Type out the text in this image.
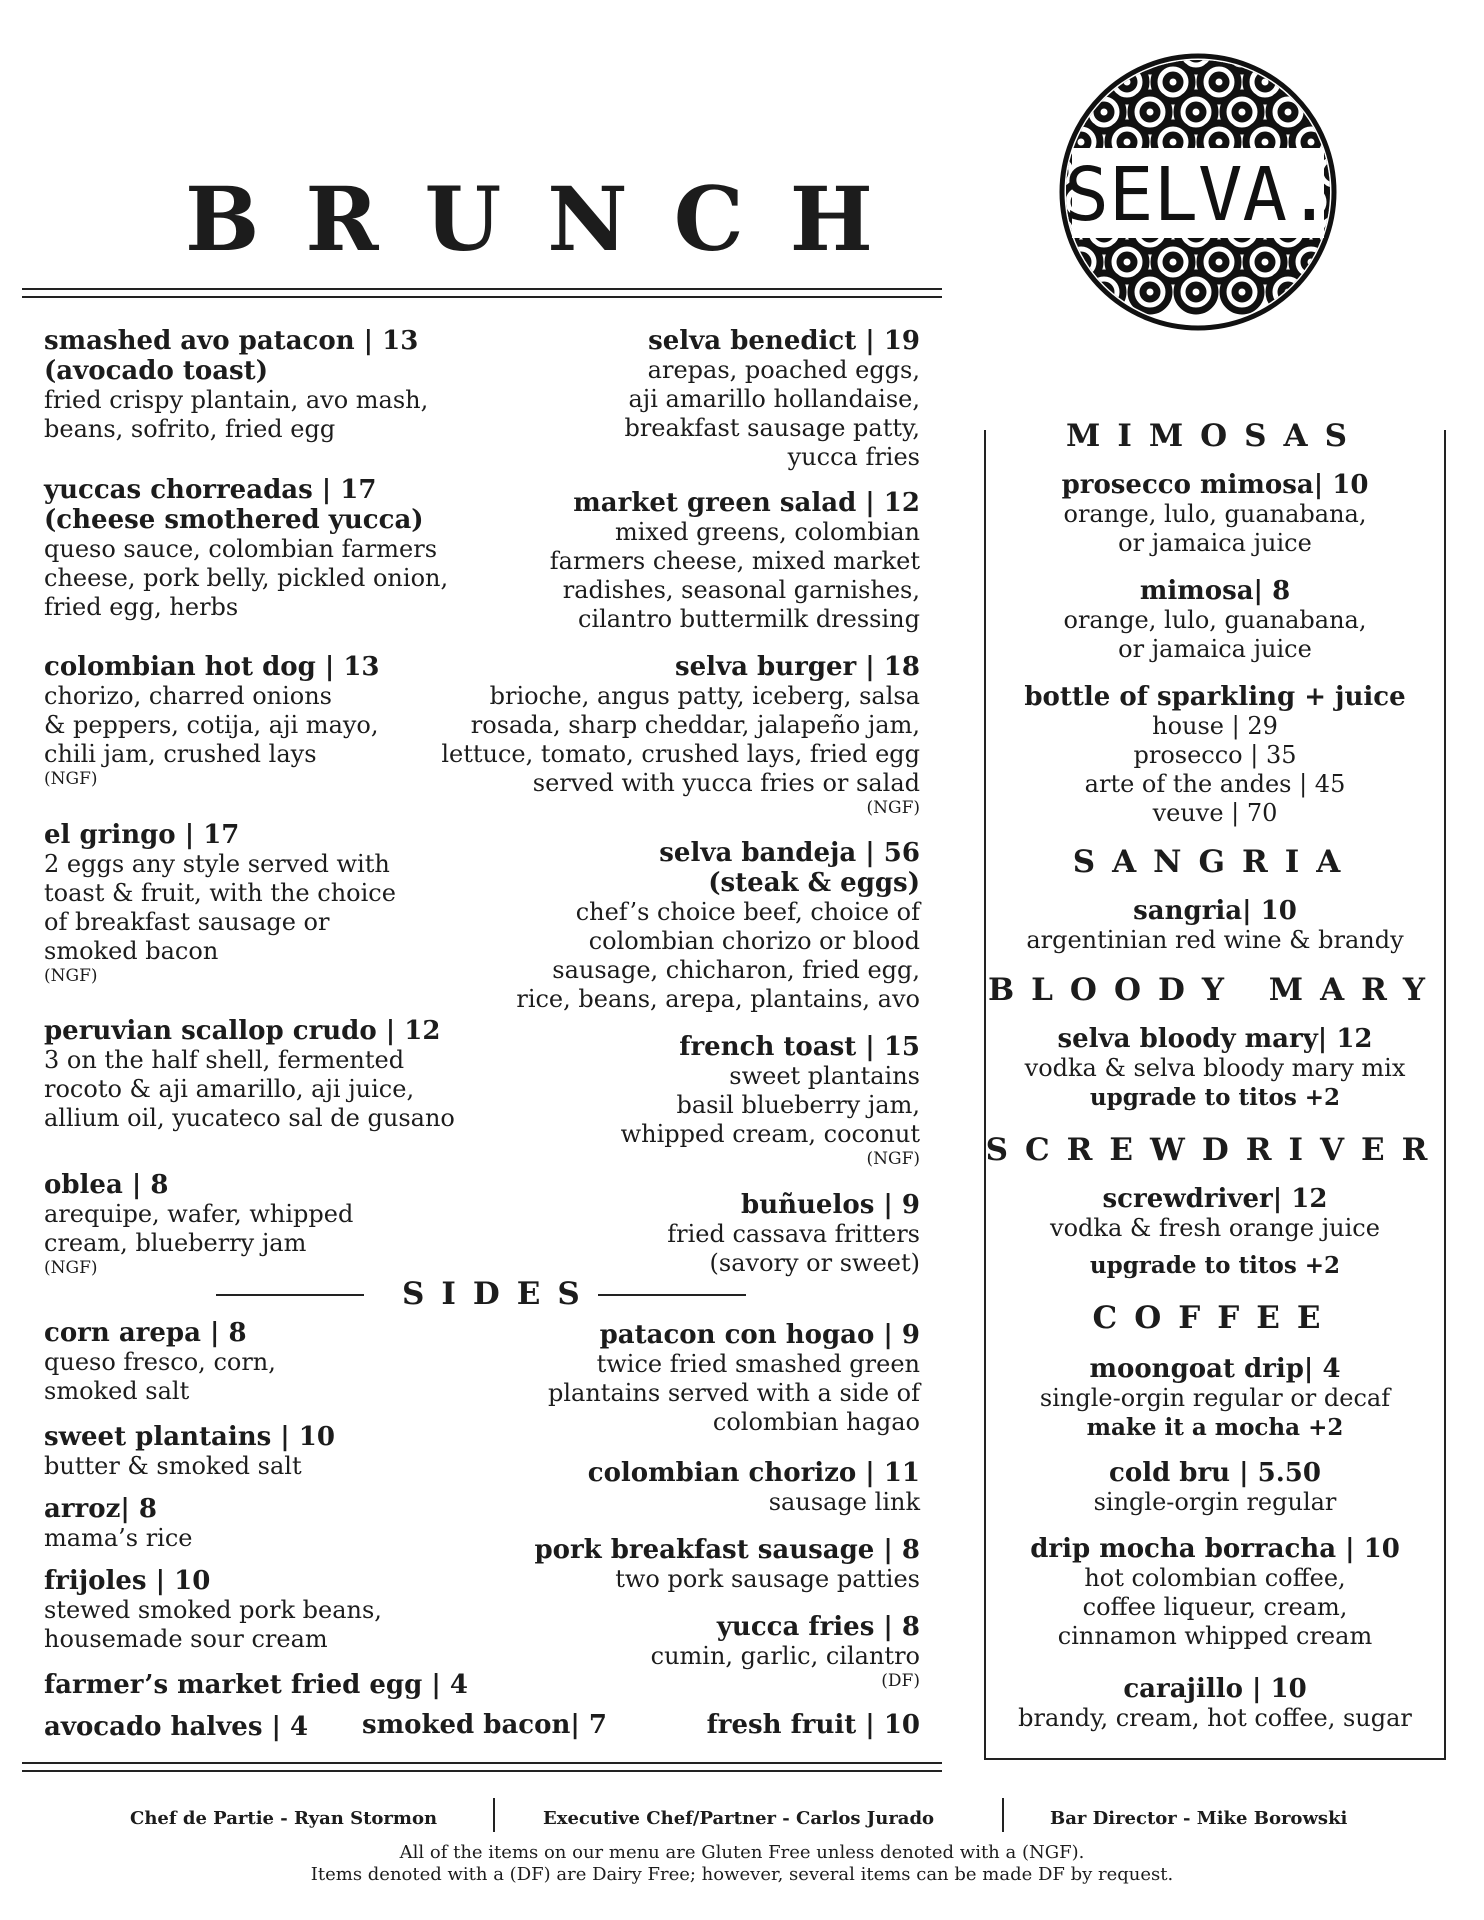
BRUNCH SELVA.
smashed avo patacon | 13
(avocado toast)
fried crispy plantain, avo mash,
beans, sofrito, fried egg
yuccas chorreadas | 17
(cheese smothered yucca)
queso sauce, colombian farmers
cheese, pork belly, pickled onion,
fried egg, herbs
colombian hot dog | 13
chorizo, charred onions
& peppers, cotija, aji mayo,
chili jam, crushed lays
(NGF)
el gringo | 17
2 eggs any style served with
toast & fruit, with the choice
of breakfast sausage or
smoked bacon
(NGF)
peruvian scallop crudo | 12
3 on the half shell, fermented
rocoto & aji amarillo, aji juice,
allium oil, yucateco sal de gusano
oblea | 8
arequipe, wafer, whipped
cream, blueberry jam
(NGF)
selva benedict | 19
arepas, poached eggs,
aji amarillo hollandaise,
breakfast sausage patty,
yucca fries
market green salad | 12
mixed greens, colombian
farmers cheese, mixed market
radishes, seasonal garnishes,
cilantro buttermilk dressing
selva burger | 18
brioche, angus patty, iceberg, salsa
rosada, sharp cheddar, jalapeño jam,
lettuce, tomato, crushed lays, fried egg
served with yucca fries or salad
(NGF)
selva bandeja | 56
(steak & eggs)
chef’s choice beef, choice of
colombian chorizo or blood
sausage, chicharon, fried egg,
rice, beans, arepa, plantains, avo
french toast | 15
sweet plantains
basil blueberry jam,
whipped cream, coconut
(NGF)
buñuelos | 9
fried cassava fritters
(savory or sweet)
SIDES
corn arepa | 8
queso fresco, corn,
smoked salt
sweet plantains | 10
butter & smoked salt
arroz| 8
mama’s rice
frijoles | 10
stewed smoked pork beans,
housemade sour cream
farmer’s market fried egg | 4
avocado halves | 4	smoked bacon| 7
patacon con hogao | 9
twice fried smashed green
plantains served with a side of
colombian hagao
colombian chorizo | 11
sausage link
pork breakfast sausage | 8
two pork sausage patties
yucca fries | 8
cumin, garlic, cilantro
(DF)
fresh fruit | 10
MIMOSAS
prosecco mimosa| 10
orange, lulo, guanabana,
or jamaica juice
mimosa| 8
orange, lulo, guanabana,
or jamaica juice
bottle of sparkling + juice
house | 29
prosecco | 35
arte of the andes | 45
veuve | 70
SANGRIA
sangria| 10
argentinian red wine & brandy
BLOODY MARY
selva bloody mary| 12
vodka & selva bloody mary mix
upgrade to titos +2
SCREWDRIVER
screwdriver| 12
vodka & fresh orange juice
upgrade to titos +2
COFFEE
moongoat drip| 4
single-orgin regular or decaf
make it a mocha +2
cold bru | 5.50
single-orgin regular
drip mocha borracha | 10
hot colombian coffee,
coffee liqueur, cream,
cinnamon whipped cream
carajillo | 10
brandy, cream, hot coffee, sugar
Chef de Partie - Ryan Stormon	Executive Chef/Partner - Carlos Jurado	Bar Director - Mike Borowski
All of the items on our menu are Gluten Free unless denoted with a (NGF).
Items denoted with a (DF) are Dairy Free; however, several items can be made DF by request.
